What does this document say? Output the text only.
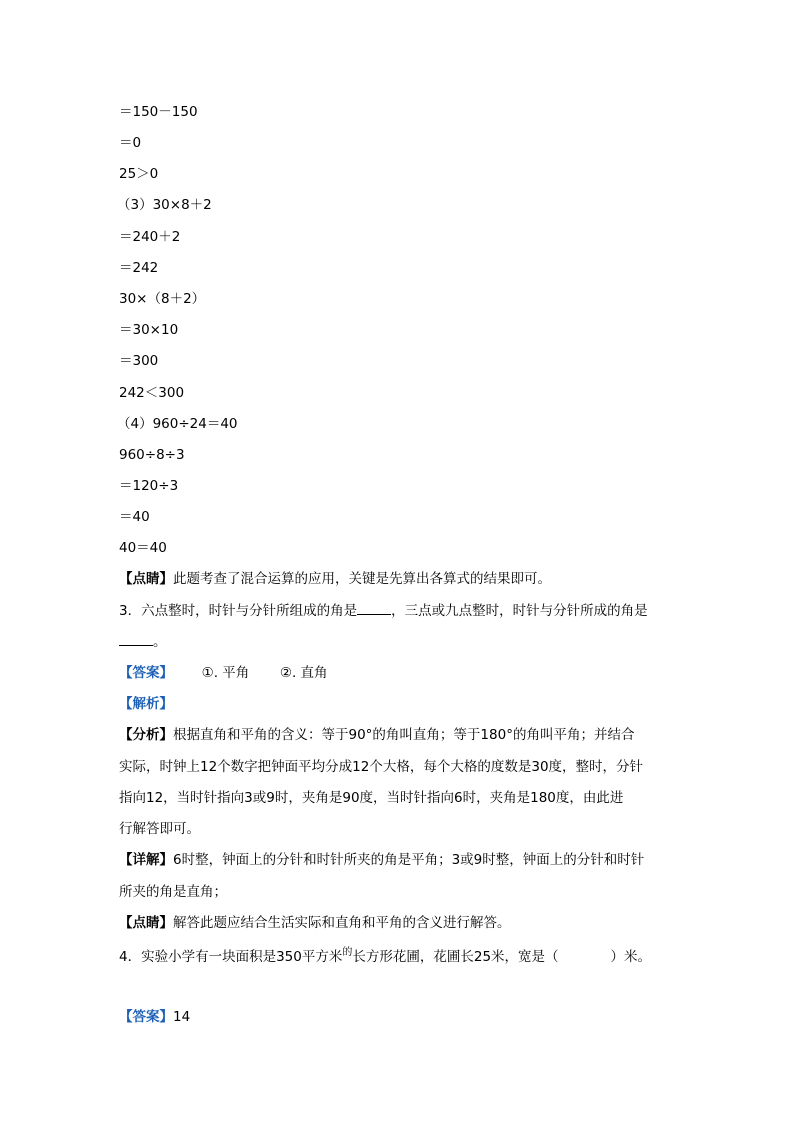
＝150－150
＝0
25＞0
（3）30×8＋2
＝240＋2
＝242
30×（8＋2）
＝30×10
＝300
242＜300
（4）960÷24＝40
960÷8÷3
＝120÷3
＝40
40＝40
【点睛】此题考查了混合运算的应用，关键是先算出各算式的结果即可。
3．六点整时，时针与分针所组成的角是	，三点或九点整时，时针与分针所成的角是
。
【答案】 ①. 平角 ②. 直角
【解析】
【分析】根据直角和平角的含义：等于90°的角叫直角；等于180°的角叫平角；并结合
实际，时钟上12个数字把钟面平均分成12个大格，每个大格的度数是30度，整时，分针
指向12，当时针指向3或9时，夹角是90度，当时针指向6时，夹角是180度，由此进
行解答即可。
【详解】6时整，钟面上的分针和时针所夹的角是平角；3或9时整，钟面上的分针和时针
所夹的角是直角；
【点睛】解答此题应结合生活实际和直角和平角的含义进行解答。
4．实验小学有一块面积是350平方米$^的$长方形花圃，花圃长25米，宽是（	）米。
【答案】14
